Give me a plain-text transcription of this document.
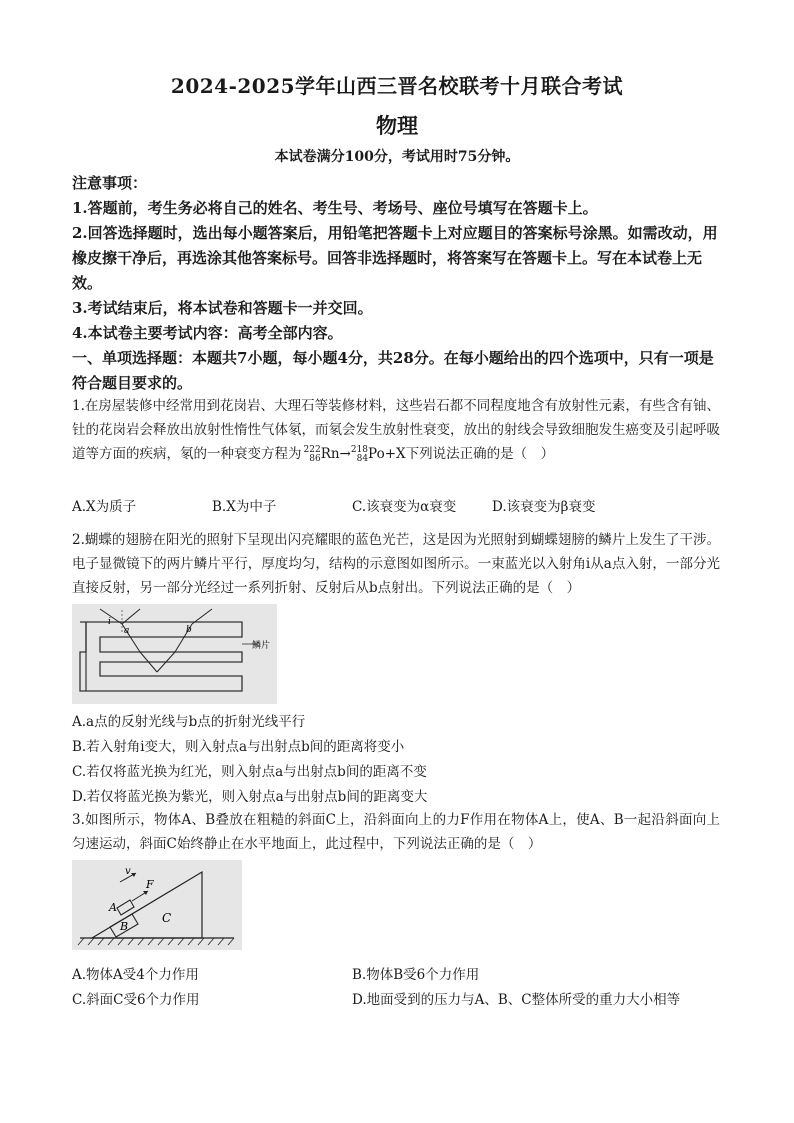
2024-2025学年山西三晋名校联考十月联合考试
物理
本试卷满分100分，考试用时75分钟。

注意事项：

1.答题前，考生务必将自己的姓名、考生号、考场号、座位号填写在答题卡上。

2.回答选择题时，选出每小题答案后，用铅笔把答题卡上对应题目的答案标号涂黑。如需改动，用橡皮擦干净后，再选涂其他答案标号。回答非选择题时，将答案写在答题卡上。写在本试卷上无效。

3.考试结束后，将本试卷和答题卡一并交回。

4.本试卷主要考试内容：高考全部内容。

一、单项选择题：本题共7小题，每小题4分，共28分。在每小题给出的四个选项中，只有一项是符合题目要求的。

1.在房屋装修中经常用到花岗岩、大理石等装修材料，这些岩石都不同程度地含有放射性元素，有些含有铀、钍的花岗岩会释放出放射性惰性气体氡，而氡会发生放射性衰变，放出的射线会导致细胞发生癌变及引起呼吸道等方面的疾病，氡的一种衰变方程为 222
86Rn→218
84Po+X下列说法正确的是（　）

A.X为质子	B.X为中子	C.该衰变为α衰变	D.该衰变为β衰变

2.蝴蝶的翅膀在阳光的照射下呈现出闪亮耀眼的蓝色光芒，这是因为光照射到蝴蝶翅膀的鳞片上发生了干涉。电子显微镜下的两片鳞片平行，厚度均匀，结构的示意图如图所示。一束蓝光以入射角i从a点入射，一部分光直接反射，另一部分光经过一系列折射、反射后从b点射出。下列说法正确的是（　）

i
a	b
鳞片
A.a点的反射光线与b点的折射光线平行
B.若入射角i变大，则入射点a与出射点b间的距离将变小
C.若仅将蓝光换为红光，则入射点a与出射点b间的距离不变
D.若仅将蓝光换为紫光，则入射点a与出射点b间的距离变大

3.如图所示，物体A、B叠放在粗糙的斜面C上，沿斜面向上的力F作用在物体A上，使A、B一起沿斜面向上匀速运动，斜面C始终静止在水平地面上，此过程中，下列说法正确的是（　）

v
F
A
B
C
A.物体A受4个力作用	B.物体B受6个力作用
C.斜面C受6个力作用	D.地面受到的压力与A、B、C整体所受的重力大小相等
